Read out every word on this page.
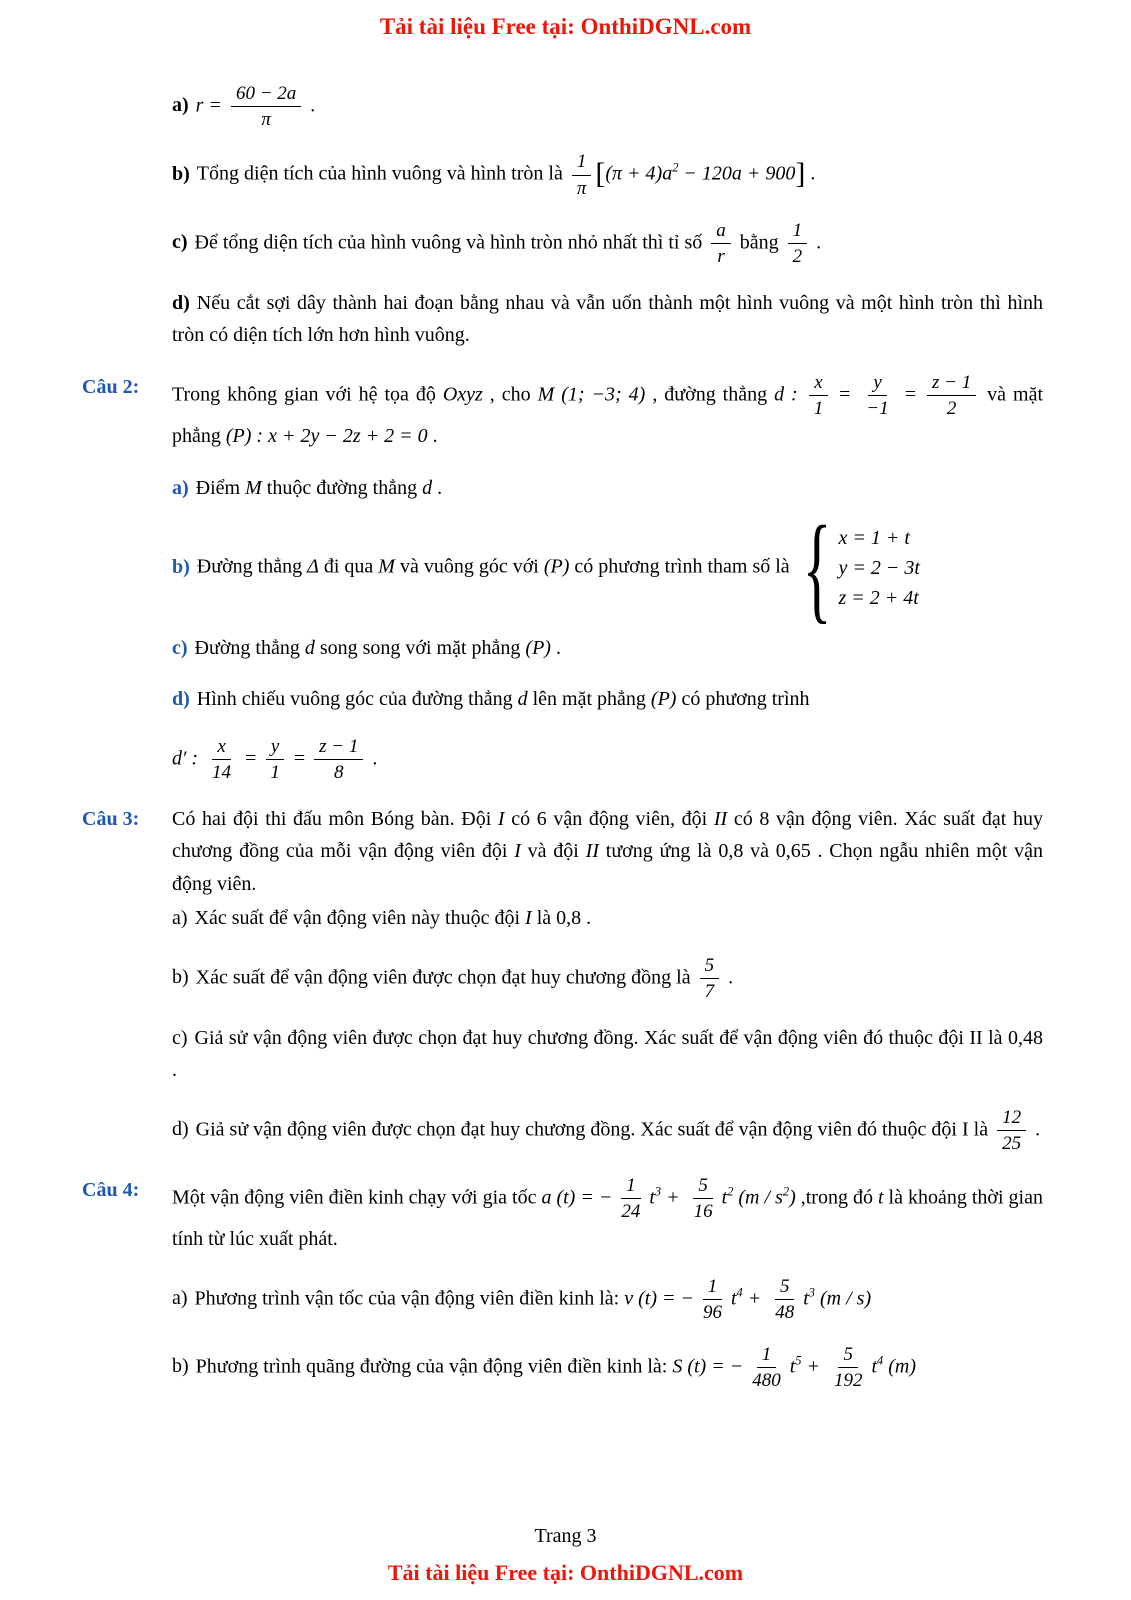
Tải tài liệu Free tại: OnthiDGNL.com
a) $r = \frac{60 - 2a}{\pi}$ .
b) Tổng diện tích của hình vuông và hình tròn là $\frac{1}{\pi} [(\pi + 4)a^2 - 120a + 900]$ .
c) Để tổng diện tích của hình vuông và hình tròn nhỏ nhất thì tỉ số $\frac{a}{r}$ bằng $\frac{1}{2}$ .
d) Nếu cắt sợi dây thành hai đoạn bằng nhau và vẫn uốn thành một hình vuông và một hình tròn thì hình tròn có diện tích lớn hơn hình vuông.
Câu 2: Trong không gian với hệ tọa độ Oxyz , cho M (1; −3; 4) , đường thẳng d : $\frac{x}{1} = \frac{y}{-1} = \frac{z - 1}{2}$ và mặt phẳng (P) : x + 2y − 2z + 2 = 0 .
a) Điểm M thuộc đường thẳng d .
b) Đường thẳng Δ đi qua M và vuông góc với (P) có phương trình tham số là { x = 1 + t
y = 2 − 3t
z = 2 + 4t
c) Đường thẳng d song song với mặt phẳng (P) .
d) Hình chiếu vuông góc của đường thẳng d lên mặt phẳng (P) có phương trình
d′ : $\frac{x}{14} = \frac{y}{1} = \frac{z - 1}{8}$ .
Câu 3: Có hai đội thi đấu môn Bóng bàn. Đội I có 6 vận động viên, đội II có 8 vận động viên. Xác suất đạt huy chương đồng của mỗi vận động viên đội I và đội II tương ứng là 0,8 và 0,65 . Chọn ngẫu nhiên một vận động viên.
a) Xác suất để vận động viên này thuộc đội I là 0,8 .
b) Xác suất để vận động viên được chọn đạt huy chương đồng là $\frac{5}{7}$ .
c) Giả sử vận động viên được chọn đạt huy chương đồng. Xác suất để vận động viên đó thuộc đội II là 0,48 .
d) Giả sử vận động viên được chọn đạt huy chương đồng. Xác suất để vận động viên đó thuộc đội I là $\frac{12}{25}$ .
Câu 4: Một vận động viên điền kinh chạy với gia tốc a (t) = − $\frac{1}{24} t^3 + \frac{5}{16} t^2$ $(m / s^2)$ ,trong đó t là khoảng thời gian tính từ lúc xuất phát.
a) Phương trình vận tốc của vận động viên điền kinh là: v (t) = − $\frac{1}{96} t^4 + \frac{5}{48} t^3$ (m / s)
b) Phương trình quãng đường của vận động viên điền kinh là: S (t) = − $\frac{1}{480} t^5 + \frac{5}{192} t^4$ (m)
Trang 3
Tải tài liệu Free tại: OnthiDGNL.com
